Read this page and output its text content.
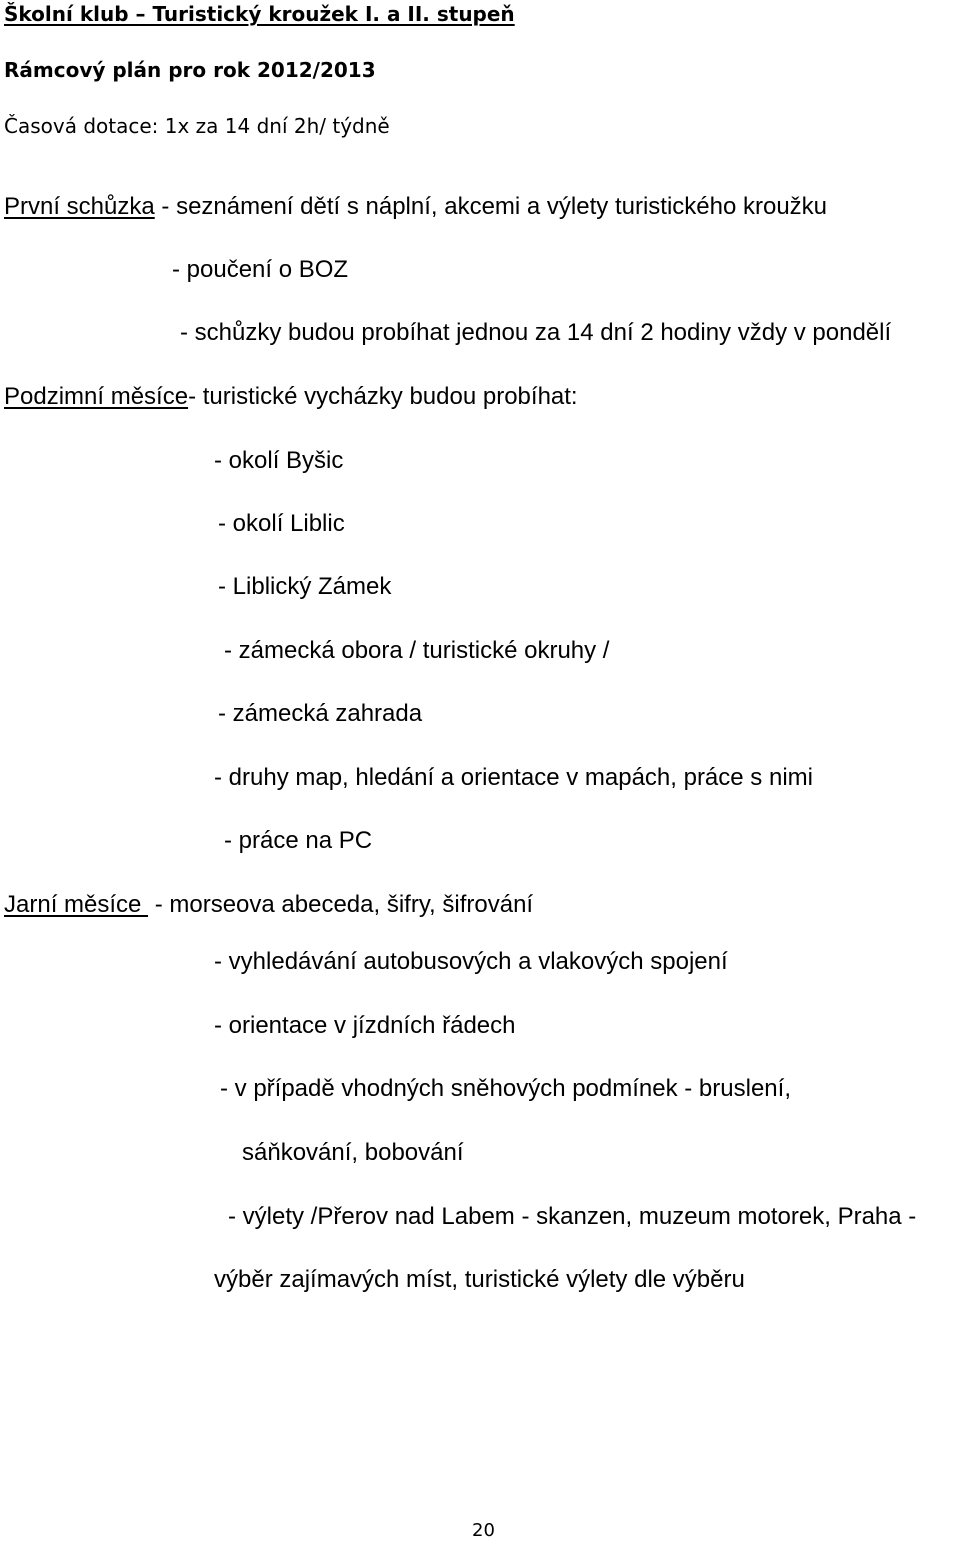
Školní klub – Turistický kroužek I. a II. stupeň
Rámcový plán pro rok 2012/2013
Časová dotace: 1x za 14 dní 2h/ týdně
První schůzka - seznámení dětí s náplní, akcemi a výlety turistického kroužku
- poučení o BOZ
- schůzky budou probíhat jednou za 14 dní 2 hodiny vždy v pondělí
Podzimní měsíce- turistické vycházky budou probíhat:
- okolí Byšic
- okolí Liblic
- Liblický Zámek
- zámecká obora / turistické okruhy /
- zámecká zahrada
- druhy map, hledání a orientace v mapách, práce s nimi
- práce na PC
Jarní měsíce  - morseova abeceda, šifry, šifrování
- vyhledávání autobusových a vlakových spojení
- orientace v jízdních řádech
- v případě vhodných sněhových podmínek - bruslení,
sáňkování, bobování
- výlety /Přerov nad Labem - skanzen, muzeum motorek, Praha -
výběr zajímavých míst, turistické výlety dle výběru
20
